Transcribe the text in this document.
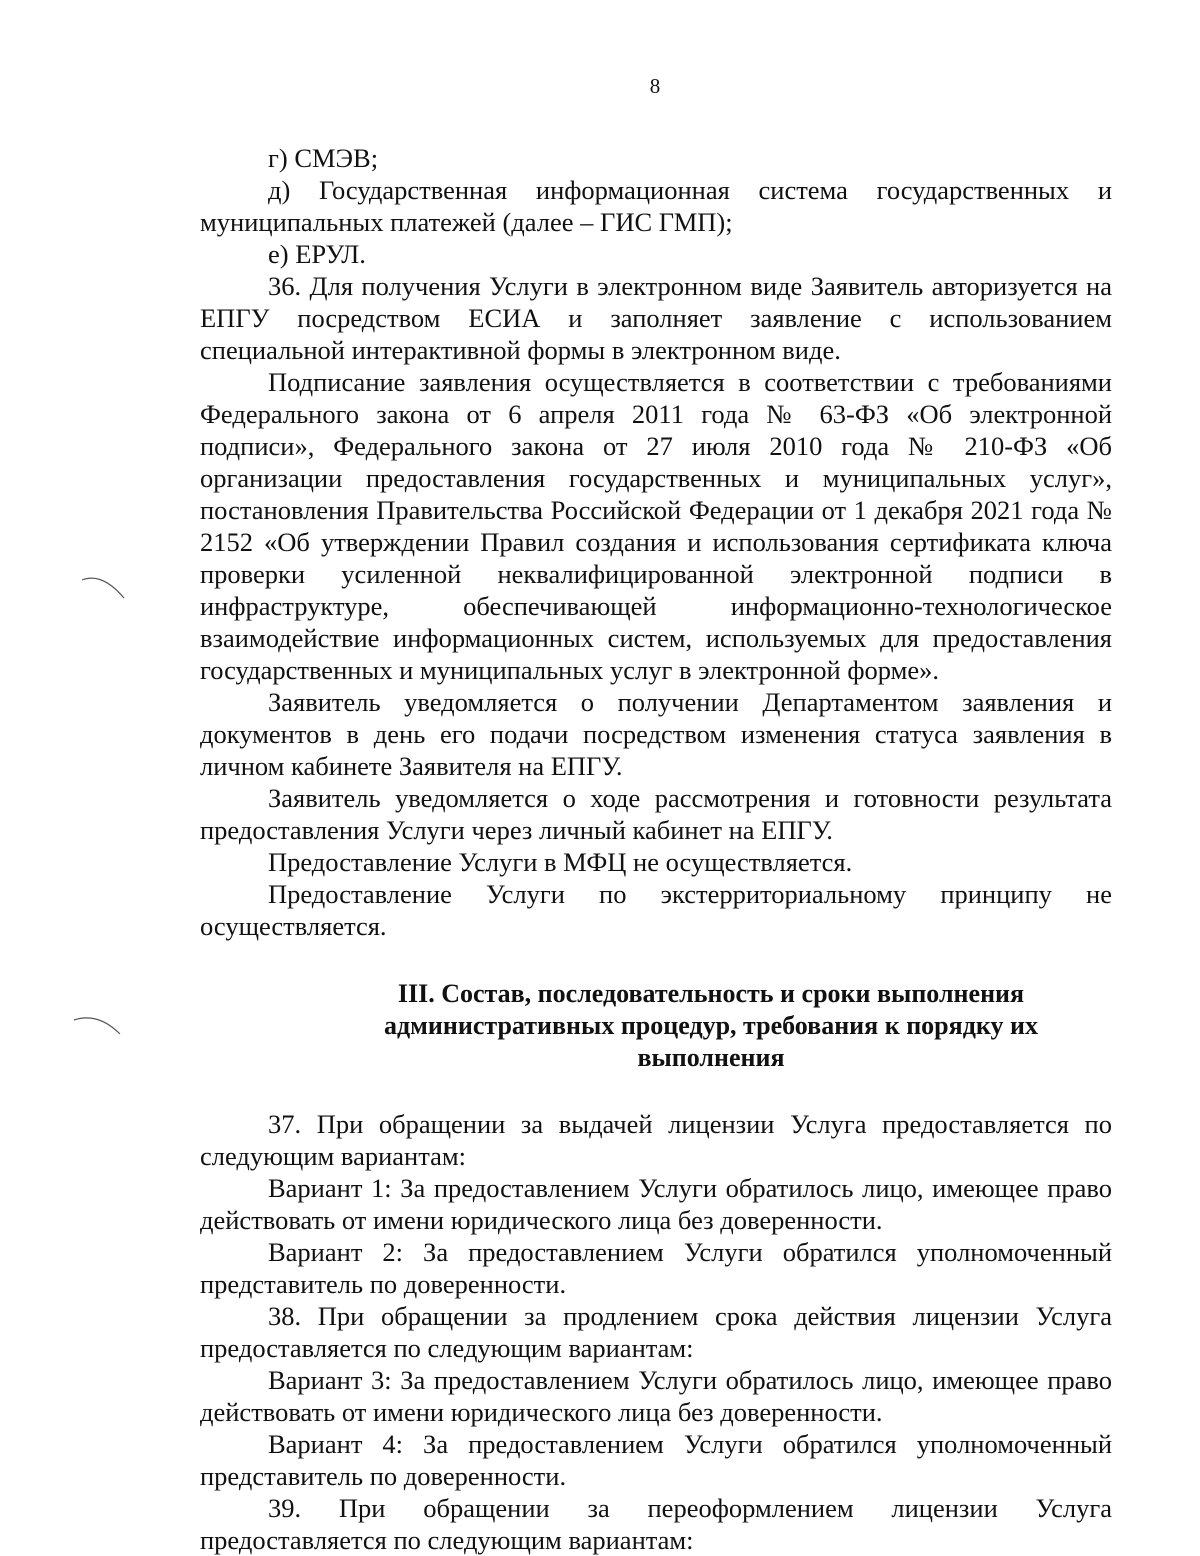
8

г) СМЭВ;

д) Государственная информационная система государственных и муниципальных платежей (далее – ГИС ГМП);

е) ЕРУЛ.

36. Для получения Услуги в электронном виде Заявитель авторизуется на ЕПГУ посредством ЕСИА и заполняет заявление с использованием специальной интерактивной формы в электронном виде.

Подписание заявления осуществляется в соответствии с требованиями Федерального закона от 6 апреля 2011 года № 63-ФЗ «Об электронной подписи», Федерального закона от 27 июля 2010 года № 210-ФЗ «Об организации предоставления государственных и муниципальных услуг», постановления Правительства Российской Федерации от 1 декабря 2021 года № 2152 «Об утверждении Правил создания и использования сертификата ключа проверки усиленной неквалифицированной электронной подписи в инфраструктуре, обеспечивающей информационно-технологическое взаимодействие информационных систем, используемых для предоставления государственных и муниципальных услуг в электронной форме».

Заявитель уведомляется о получении Департаментом заявления и документов в день его подачи посредством изменения статуса заявления в личном кабинете Заявителя на ЕПГУ.

Заявитель уведомляется о ходе рассмотрения и готовности результата предоставления Услуги через личный кабинет на ЕПГУ.

Предоставление Услуги в МФЦ не осуществляется.

Предоставление Услуги по экстерриториальному принципу не осуществляется.

III. Состав, последовательность и сроки выполнения административных процедур, требования к порядку их выполнения

37. При обращении за выдачей лицензии Услуга предоставляется по следующим вариантам:

Вариант 1: За предоставлением Услуги обратилось лицо, имеющее право действовать от имени юридического лица без доверенности.

Вариант 2: За предоставлением Услуги обратился уполномоченный представитель по доверенности.

38. При обращении за продлением срока действия лицензии Услуга предоставляется по следующим вариантам:

Вариант 3: За предоставлением Услуги обратилось лицо, имеющее право действовать от имени юридического лица без доверенности.

Вариант 4: За предоставлением Услуги обратился уполномоченный представитель по доверенности.

39. При обращении за переоформлением лицензии Услуга предоставляется по следующим вариантам:
